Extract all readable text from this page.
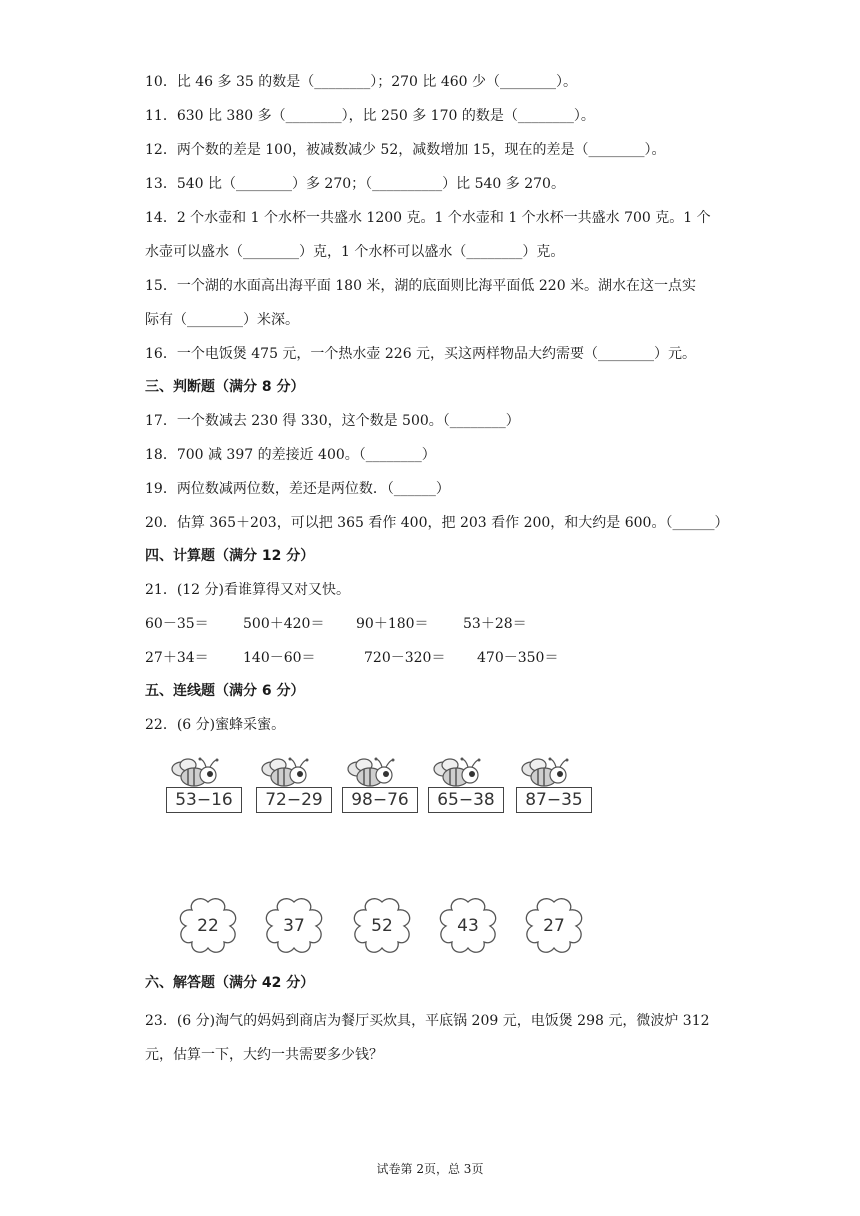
10．比 46 多 35 的数是（________）；270 比 460 少（________）。
11．630 比 380 多（________），比 250 多 170 的数是（________）。
12．两个数的差是 100，被减数减少 52，减数增加 15，现在的差是（________）。
13．540 比（________）多 270；（__________）比 540 多 270。
14．2 个水壶和 1 个水杯一共盛水 1200 克。1 个水壶和 1 个水杯一共盛水 700 克。1 个
水壶可以盛水（________）克，1 个水杯可以盛水（________）克。
15．一个湖的水面高出海平面 180 米，湖的底面则比海平面低 220 米。湖水在这一点实
际有（________）米深。
16．一个电饭煲 475 元，一个热水壶 226 元，买这两样物品大约需要（________）元。
三、判断题（满分 8 分）
17．一个数减去 230 得 330，这个数是 500。（________）
18．700 减 397 的差接近 400。（________）
19．两位数减两位数，差还是两位数．（______）
20．估算 365＋203，可以把 365 看作 400，把 203 看作 200，和大约是 600。（______）
四、计算题（满分 12 分）
21．(12 分)看谁算得又对又快。
60－35＝ 500＋420＝ 90＋180＝ 53＋28＝
27＋34＝ 140－60＝	720－320＝ 470－350＝
五、连线题（满分 6 分）
22．(6 分)蜜蜂采蜜。
53−16	72−29	98−76	65−38	87−35
22	37	52	43	27
六、解答题（满分 42 分）
23．(6 分)淘气的妈妈到商店为餐厅买炊具，平底锅 209 元，电饭煲 298 元，微波炉 312
元，估算一下，大约一共需要多少钱？
试卷第 2页，总 3页
